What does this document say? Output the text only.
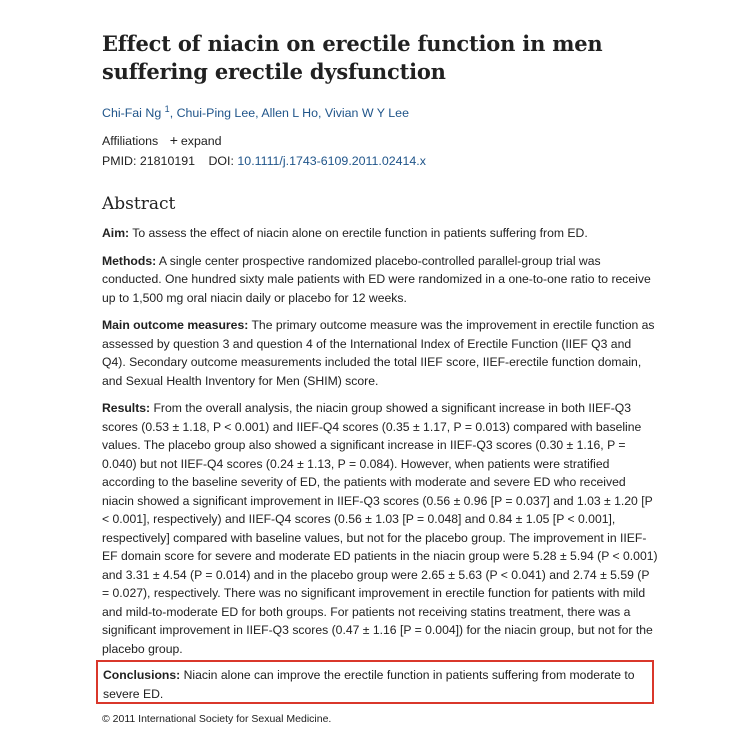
Effect of niacin on erectile function in men suffering erectile dysfunction
Chi-Fai Ng $^1$, Chui-Ping Lee, Allen L Ho, Vivian W Y Lee
Affiliations + expand
PMID: 21810191 DOI: 10.1111/j.1743-6109.2011.02414.x
Abstract

Aim: To assess the effect of niacin alone on erectile function in patients suffering from ED.

Methods: A single center prospective randomized placebo-controlled parallel-group trial was conducted. One hundred sixty male patients with ED were randomized in a one-to-one ratio to receive up to 1,500 mg oral niacin daily or placebo for 12 weeks.

Main outcome measures: The primary outcome measure was the improvement in erectile function as assessed by question 3 and question 4 of the International Index of Erectile Function (IIEF Q3 and Q4). Secondary outcome measurements included the total IIEF score, IIEF-erectile function domain, and Sexual Health Inventory for Men (SHIM) score.

Results: From the overall analysis, the niacin group showed a significant increase in both IIEF-Q3 scores (0.53 ± 1.18, P < 0.001) and IIEF-Q4 scores (0.35 ± 1.17, P = 0.013) compared with baseline values. The placebo group also showed a significant increase in IIEF-Q3 scores (0.30 ± 1.16, P = 0.040) but not IIEF-Q4 scores (0.24 ± 1.13, P = 0.084). However, when patients were stratified according to the baseline severity of ED, the patients with moderate and severe ED who received niacin showed a significant improvement in IIEF-Q3 scores (0.56 ± 0.96 [P = 0.037] and 1.03 ± 1.20 [P < 0.001], respectively) and IIEF-Q4 scores (0.56 ± 1.03 [P = 0.048] and 0.84 ± 1.05 [P < 0.001], respectively] compared with baseline values, but not for the placebo group. The improvement in IIEF-EF domain score for severe and moderate ED patients in the niacin group were 5.28 ± 5.94 (P < 0.001) and 3.31 ± 4.54 (P = 0.014) and in the placebo group were 2.65 ± 5.63 (P < 0.041) and 2.74 ± 5.59 (P = 0.027), respectively. There was no significant improvement in erectile function for patients with mild and mild-to-moderate ED for both groups. For patients not receiving statins treatment, there was a significant improvement in IIEF-Q3 scores (0.47 ± 1.16 [P = 0.004]) for the niacin group, but not for the placebo group.

Conclusions: Niacin alone can improve the erectile function in patients suffering from moderate to severe ED.
© 2011 International Society for Sexual Medicine.
